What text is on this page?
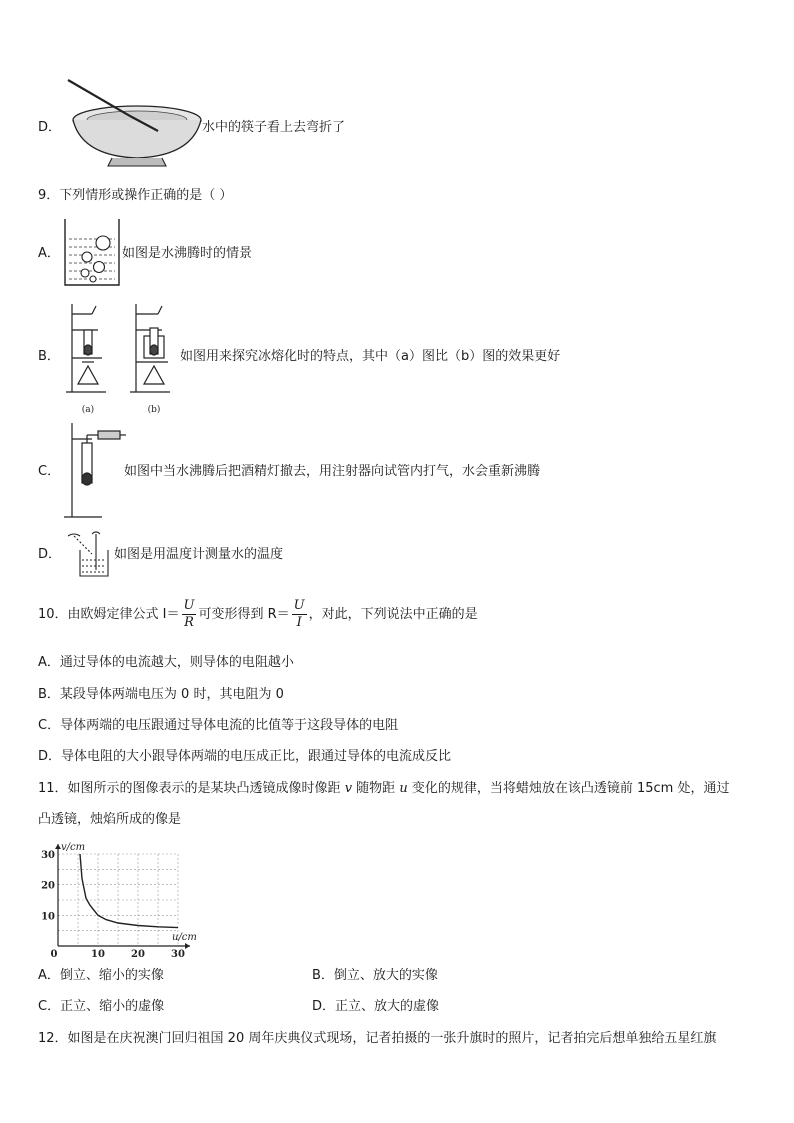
D．	水中的筷子看上去弯折了
9．下列情形或操作正确的是（ ）
A．	如图是水沸腾时的情景
B．
(a)	(b)
如图用来探究冰熔化时的特点，其中（a）图比（b）图的效果更好
C．	如图中当水沸腾后把酒精灯撤去，用注射器向试管内打气，水会重新沸腾
D．	如图是用温度计测量水的温度
10．由欧姆定律公式 $I= \frac{U}{R}$ 可变形得到 $R= \frac{U}{I}$ ，对此，下列说法中正确的是
A．通过导体的电流越大，则导体的电阻越小
B．某段导体两端电压为 0 时，其电阻为 0
C．导体两端的电压跟通过导体电流的比值等于这段导体的电阻
D．导体电阻的大小跟导体两端的电压成正比，跟通过导体的电流成反比
11．如图所示的图像表示的是某块凸透镜成像时像距 v 随物距 u 变化的规律，当将蜡烛放在该凸透镜前 15cm 处，通过
凸透镜，烛焰所成的像是
0	10	20	30
10
20
30
v/cm
u/cm
A．倒立、缩小的实像	B．倒立、放大的实像
C．正立、缩小的虚像	D．正立、放大的虚像
12．如图是在庆祝澳门回归祖国 20 周年庆典仪式现场，记者拍摄的一张升旗时的照片，记者拍完后想单独给五星红旗
